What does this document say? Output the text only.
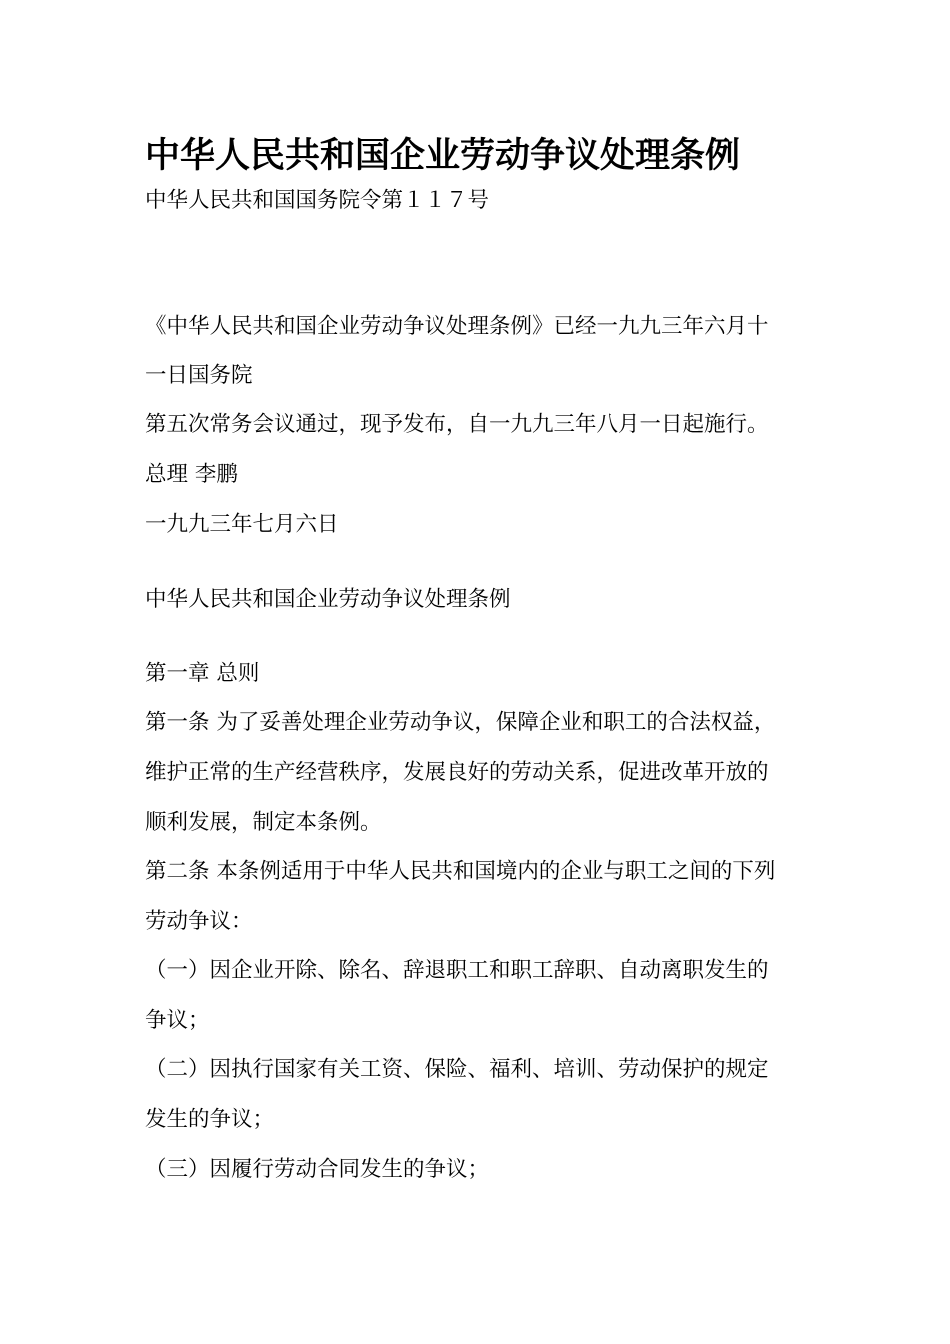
中华人民共和国企业劳动争议处理条例

中华人民共和国国务院令第１１７号

《中华人民共和国企业劳动争议处理条例》已经一九九三年六月十

一日国务院

第五次常务会议通过，现予发布，自一九九三年八月一日起施行。

总理 李鹏

一九九三年七月六日

中华人民共和国企业劳动争议处理条例

第一章 总则

第一条 为了妥善处理企业劳动争议，保障企业和职工的合法权益，

维护正常的生产经营秩序，发展良好的劳动关系，促进改革开放的

顺利发展，制定本条例。

第二条 本条例适用于中华人民共和国境内的企业与职工之间的下列

劳动争议：

（一）因企业开除、除名、辞退职工和职工辞职、自动离职发生的

争议；

（二）因执行国家有关工资、保险、福利、培训、劳动保护的规定

发生的争议；

（三）因履行劳动合同发生的争议；
